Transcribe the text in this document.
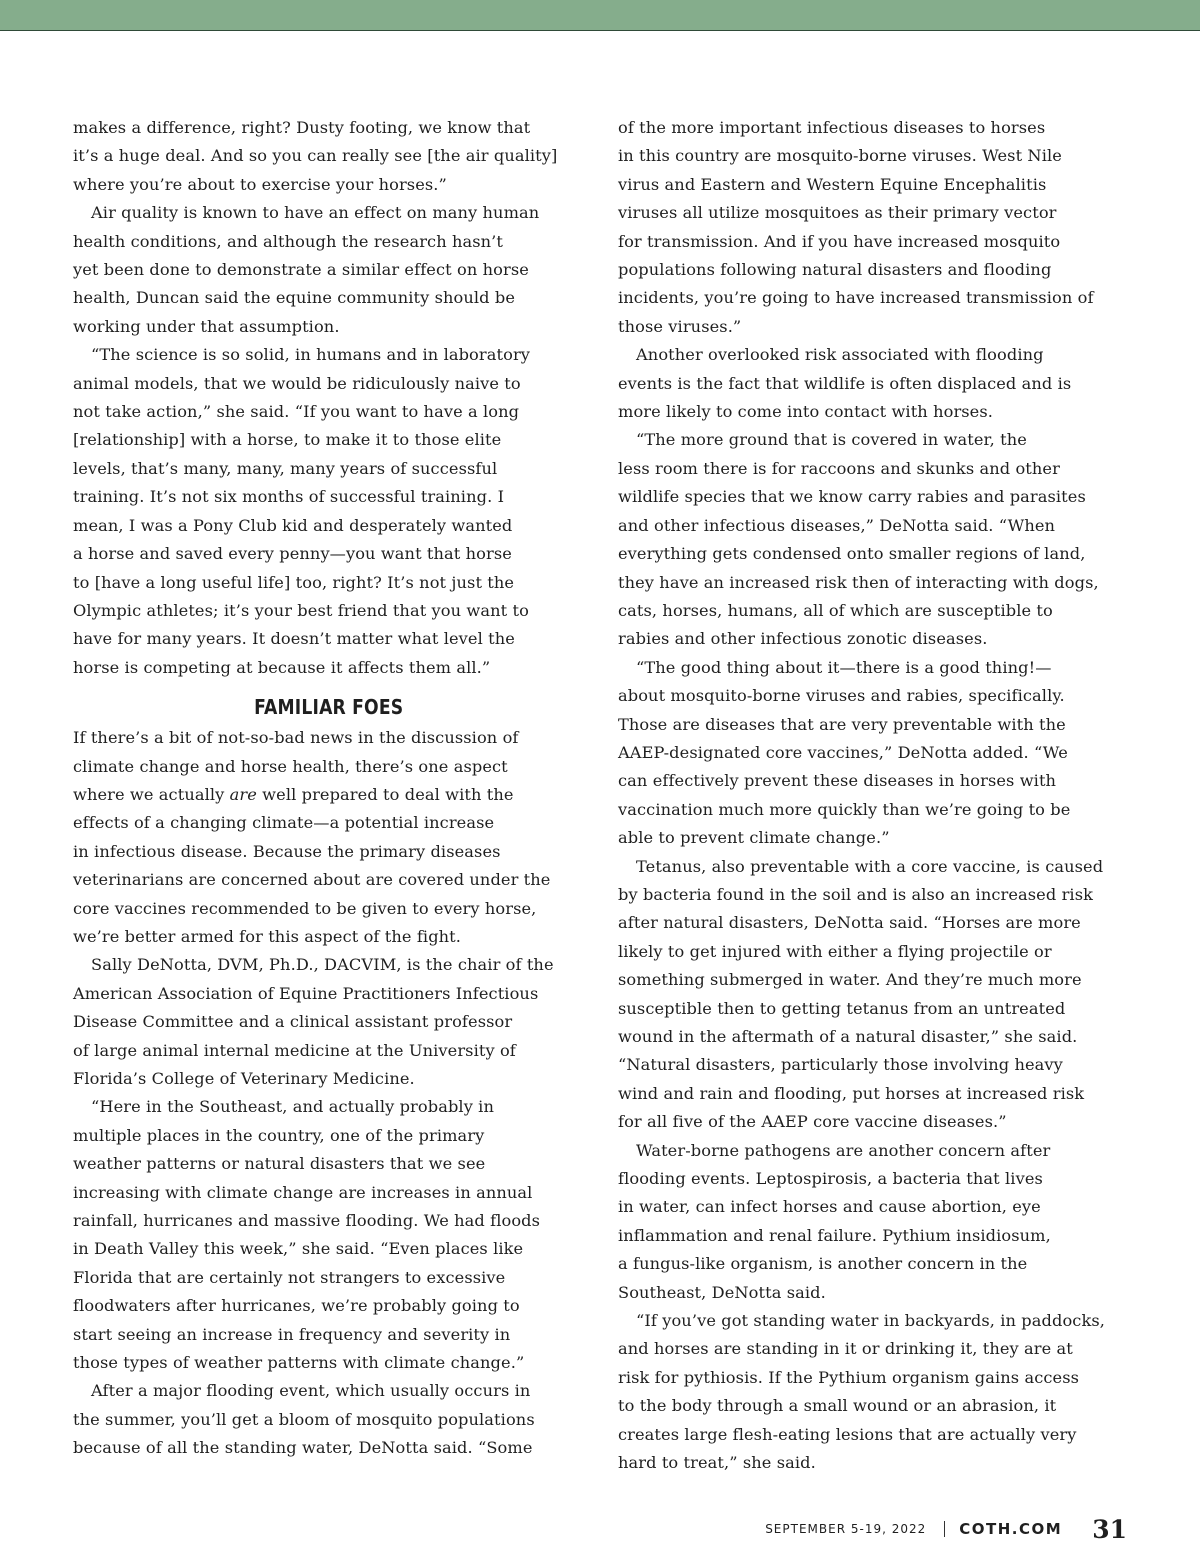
makes a difference, right? Dusty footing, we know that
it’s a huge deal. And so you can really see [the air quality]
where you’re about to exercise your horses.”

Air quality is known to have an effect on many human
health conditions, and although the research hasn’t
yet been done to demonstrate a similar effect on horse
health, Duncan said the equine community should be
working under that assumption.

“The science is so solid, in humans and in laboratory
animal models, that we would be ridiculously naive to
not take action,” she said. “If you want to have a long
[relationship] with a horse, to make it to those elite
levels, that’s many, many, many years of successful
training. It’s not six months of successful training. I
mean, I was a Pony Club kid and desperately wanted
a horse and saved every penny—you want that horse
to [have a long useful life] too, right? It’s not just the
Olympic athletes; it’s your best friend that you want to
have for many years. It doesn’t matter what level the
horse is competing at because it affects them all.”

FAMILIAR FOES

If there’s a bit of not-so-bad news in the discussion of
climate change and horse health, there’s one aspect
where we actually are well prepared to deal with the
effects of a changing climate—a potential increase
in infectious disease. Because the primary diseases
veterinarians are concerned about are covered under the
core vaccines recommended to be given to every horse,
we’re better armed for this aspect of the fight.

Sally DeNotta, DVM, Ph.D., DACVIM, is the chair of the
American Association of Equine Practitioners Infectious
Disease Committee and a clinical assistant professor
of large animal internal medicine at the University of
Florida’s College of Veterinary Medicine.

“Here in the Southeast, and actually probably in
multiple places in the country, one of the primary
weather patterns or natural disasters that we see
increasing with climate change are increases in annual
rainfall, hurricanes and massive flooding. We had floods
in Death Valley this week,” she said. “Even places like
Florida that are certainly not strangers to excessive
floodwaters after hurricanes, we’re probably going to
start seeing an increase in frequency and severity in
those types of weather patterns with climate change.”

After a major flooding event, which usually occurs in
the summer, you’ll get a bloom of mosquito populations
because of all the standing water, DeNotta said. “Some

of the more important infectious diseases to horses
in this country are mosquito-borne viruses. West Nile
virus and Eastern and Western Equine Encephalitis
viruses all utilize mosquitoes as their primary vector
for transmission. And if you have increased mosquito
populations following natural disasters and flooding
incidents, you’re going to have increased transmission of
those viruses.”

Another overlooked risk associated with flooding
events is the fact that wildlife is often displaced and is
more likely to come into contact with horses.

“The more ground that is covered in water, the
less room there is for raccoons and skunks and other
wildlife species that we know carry rabies and parasites
and other infectious diseases,” DeNotta said. “When
everything gets condensed onto smaller regions of land,
they have an increased risk then of interacting with dogs,
cats, horses, humans, all of which are susceptible to
rabies and other infectious zonotic diseases.

“The good thing about it—there is a good thing!—
about mosquito-borne viruses and rabies, specifically.
Those are diseases that are very preventable with the
AAEP-designated core vaccines,” DeNotta added. “We
can effectively prevent these diseases in horses with
vaccination much more quickly than we’re going to be
able to prevent climate change.”

Tetanus, also preventable with a core vaccine, is caused
by bacteria found in the soil and is also an increased risk
after natural disasters, DeNotta said. “Horses are more
likely to get injured with either a flying projectile or
something submerged in water. And they’re much more
susceptible then to getting tetanus from an untreated
wound in the aftermath of a natural disaster,” she said.
“Natural disasters, particularly those involving heavy
wind and rain and flooding, put horses at increased risk
for all five of the AAEP core vaccine diseases.”

Water-borne pathogens are another concern after
flooding events. Leptospirosis, a bacteria that lives
in water, can infect horses and cause abortion, eye
inflammation and renal failure. Pythium insidiosum,
a fungus-like organism, is another concern in the
Southeast, DeNotta said.

“If you’ve got standing water in backyards, in paddocks,
and horses are standing in it or drinking it, they are at
risk for pythiosis. If the Pythium organism gains access
to the body through a small wound or an abrasion, it
creates large flesh-eating lesions that are actually very
hard to treat,” she said.

SEPTEMBER 5-19, 2022 COTH.COM 31
